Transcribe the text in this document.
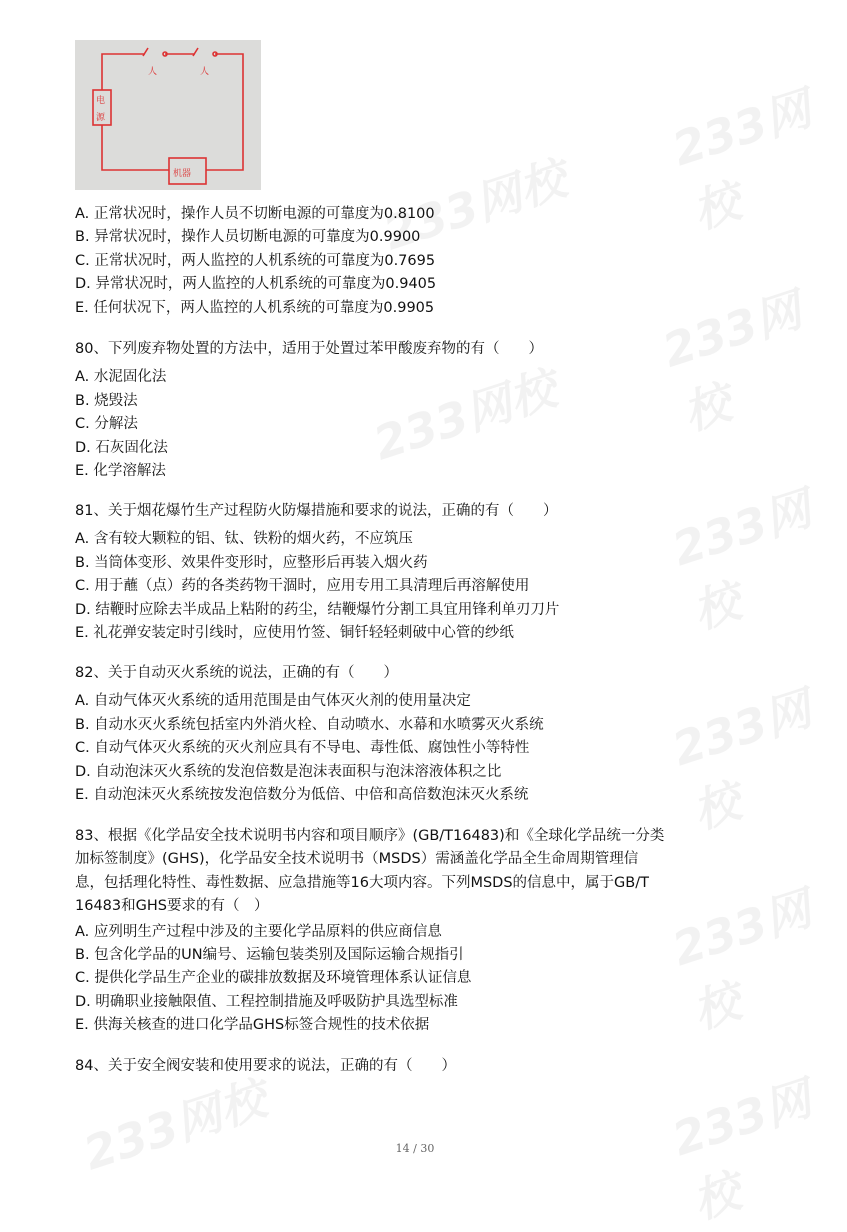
233网校
233网校
233网校
233网校
233网校
233网校
233网校
233网校	233网校
人	人
电
源
机器
A. 正常状况时，操作人员不切断电源的可靠度为0.8100
B. 异常状况时，操作人员切断电源的可靠度为0.9900
C. 正常状况时，两人监控的人机系统的可靠度为0.7695
D. 异常状况时，两人监控的人机系统的可靠度为0.9405
E. 任何状况下，两人监控的人机系统的可靠度为0.9905
80、下列废弃物处置的方法中，适用于处置过苯甲酸废弃物的有（　　）
A. 水泥固化法
B. 烧毁法
C. 分解法
D. 石灰固化法
E. 化学溶解法
81、关于烟花爆竹生产过程防火防爆措施和要求的说法，正确的有（　　）
A. 含有较大颗粒的铝、钛、铁粉的烟火药，不应筑压
B. 当筒体变形、效果件变形时，应整形后再装入烟火药
C. 用于蘸（点）药的各类药物干涸时，应用专用工具清理后再溶解使用
D. 结鞭时应除去半成品上粘附的药尘，结鞭爆竹分割工具宜用锋利单刃刀片
E. 礼花弹安装定时引线时，应使用竹签、铜钎轻轻刺破中心管的纱纸
82、关于自动灭火系统的说法，正确的有（　　）
A. 自动气体灭火系统的适用范围是由气体灭火剂的使用量决定
B. 自动水灭火系统包括室内外消火栓、自动喷水、水幕和水喷雾灭火系统
C. 自动气体灭火系统的灭火剂应具有不导电、毒性低、腐蚀性小等特性
D. 自动泡沫灭火系统的发泡倍数是泡沫表面积与泡沫溶液体积之比
E. 自动泡沫灭火系统按发泡倍数分为低倍、中倍和高倍数泡沫灭火系统
83、根据《化学品安全技术说明书内容和项目顺序》(GB/T16483)和《全球化学品统一分类
加标签制度》(GHS)，化学品安全技术说明书（MSDS）需涵盖化学品全生命周期管理信
息，包括理化特性、毒性数据、应急措施等16大项内容。下列MSDS的信息中，属于GB/T
16483和GHS要求的有（　）
A. 应列明生产过程中涉及的主要化学品原料的供应商信息
B. 包含化学品的UN编号、运输包装类别及国际运输合规指引
C. 提供化学品生产企业的碳排放数据及环境管理体系认证信息
D. 明确职业接触限值、工程控制措施及呼吸防护具选型标准
E. 供海关核查的进口化学品GHS标签合规性的技术依据
84、关于安全阀安装和使用要求的说法，正确的有（　　）
14 / 30
